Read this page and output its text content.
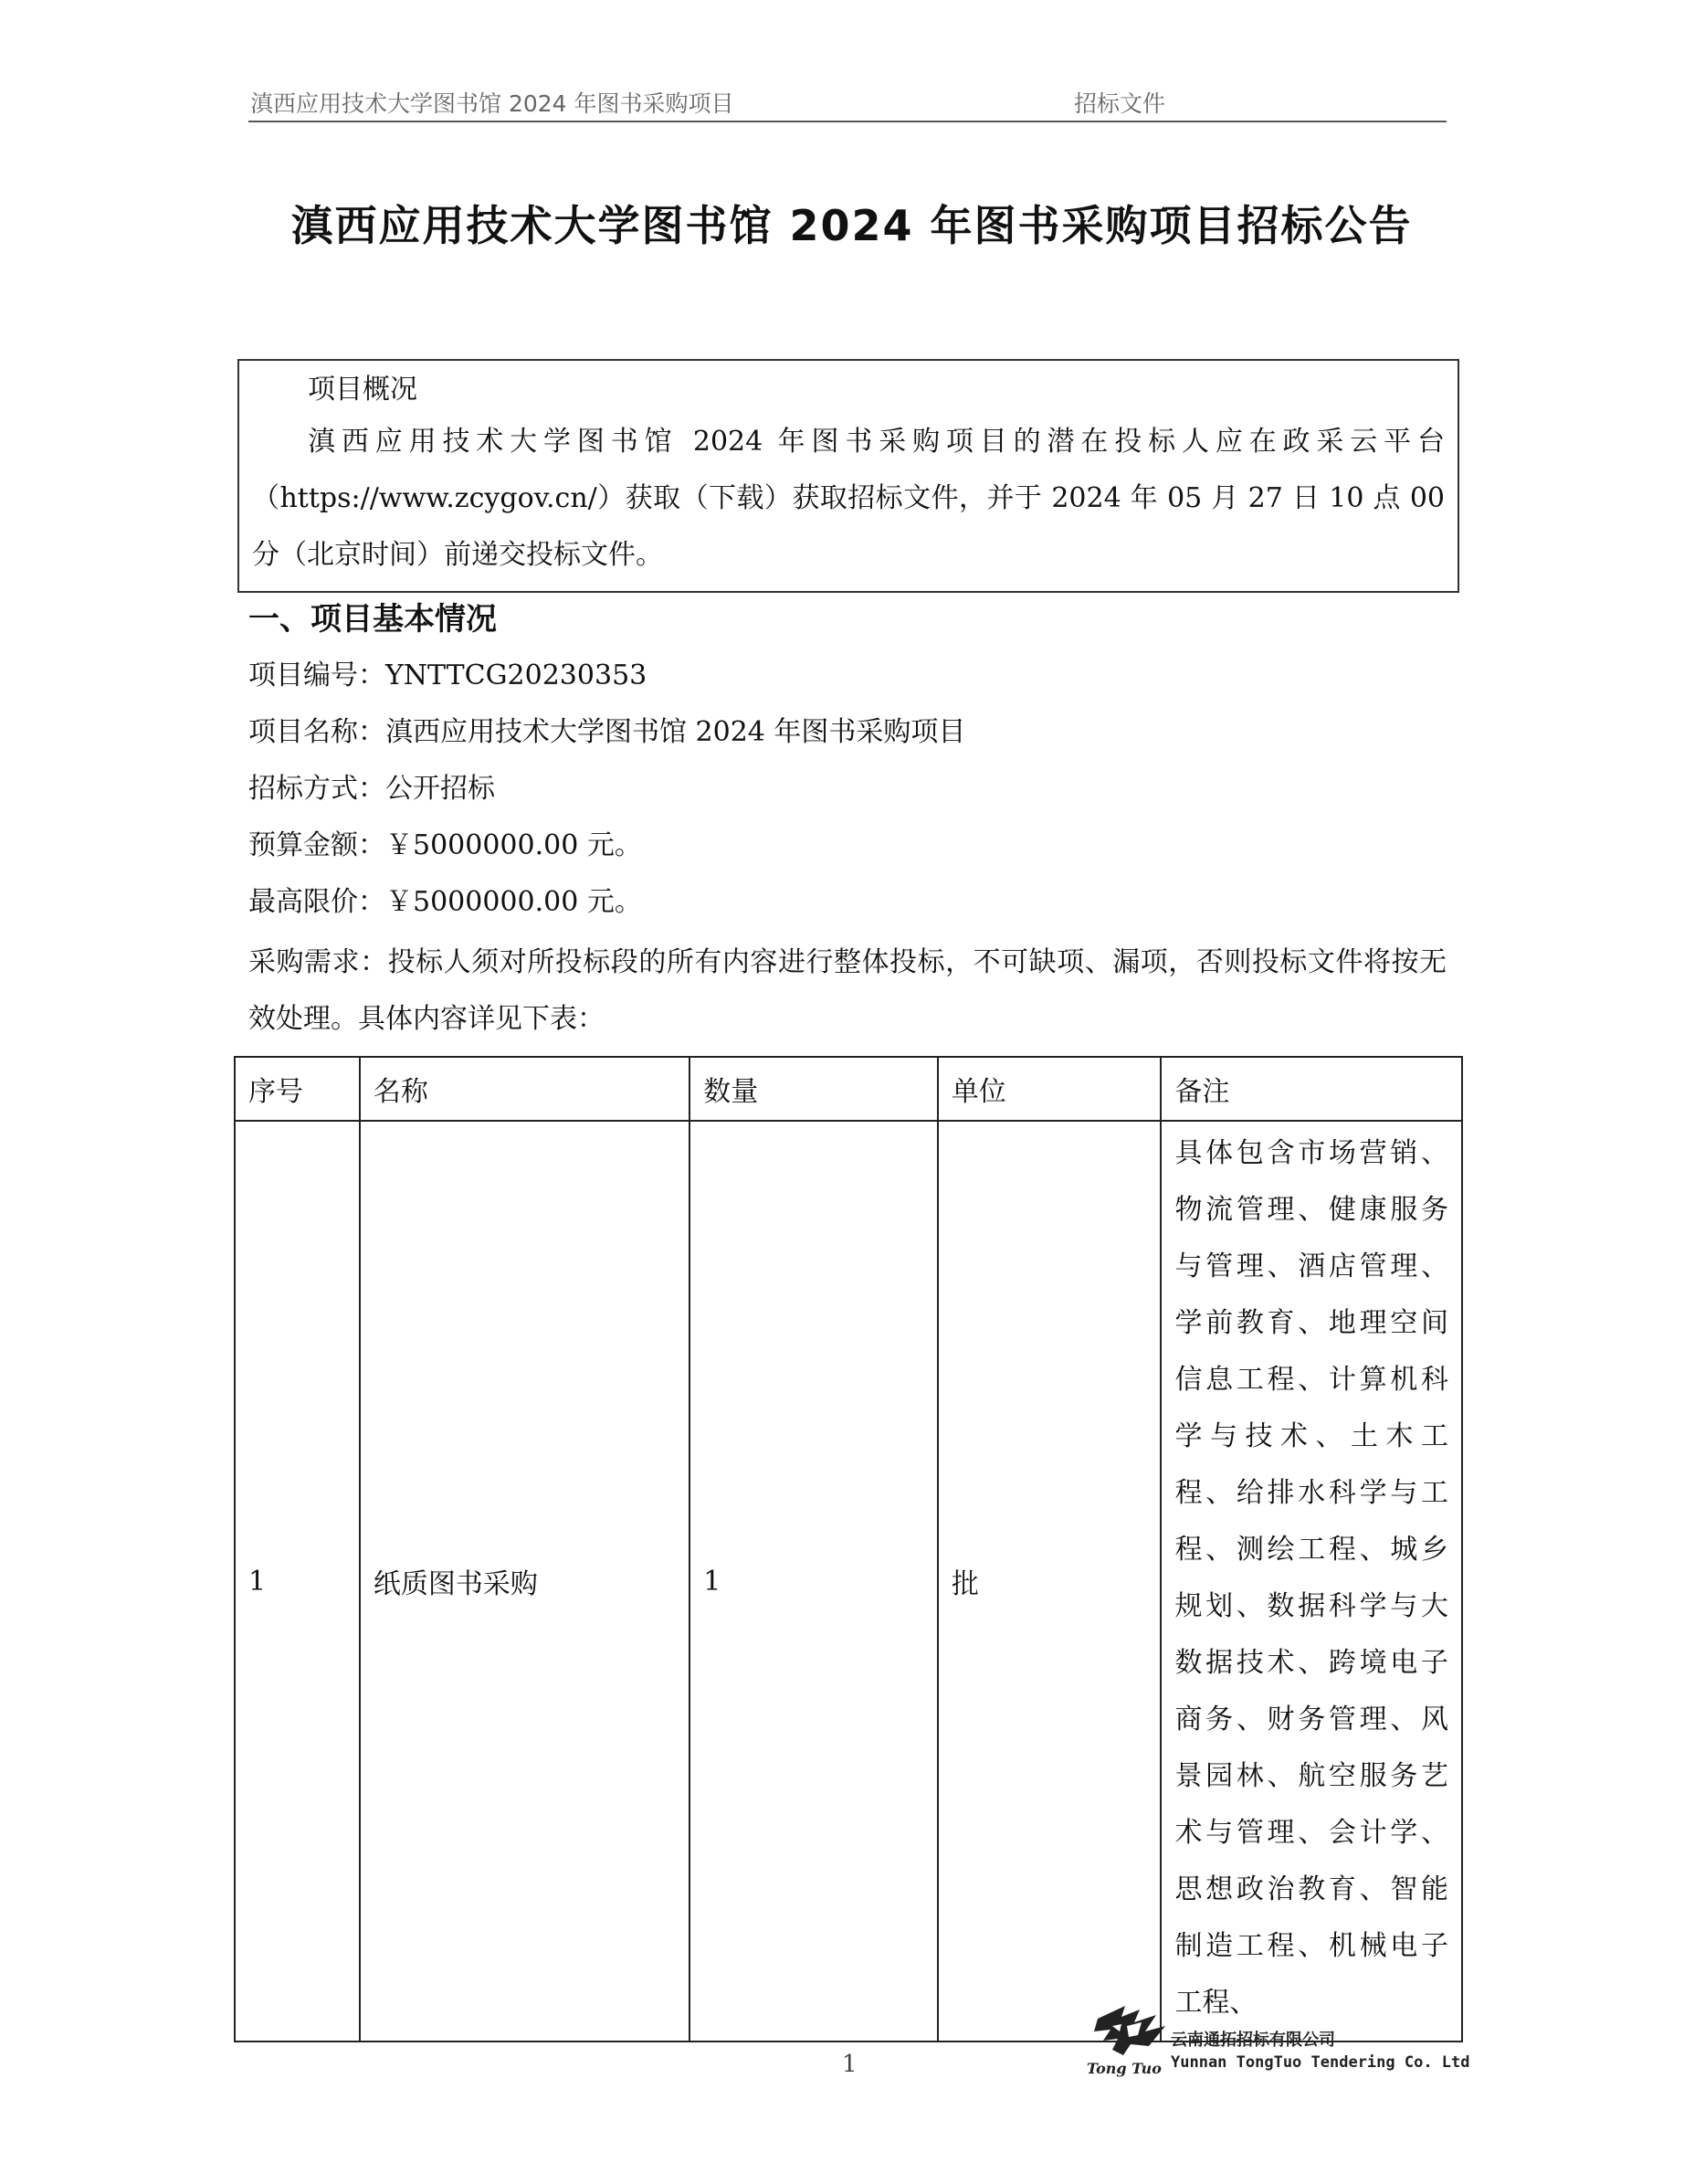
滇西应用技术大学图书馆 2024 年图书采购项目	招标文件
滇西应用技术大学图书馆 2024 年图书采购项目招标公告
项目概况
滇西应用技术大学图书馆 2024 年图书采购项目的潜在投标人应在政采云平台（https://www.zcygov.cn/）获取（下载）获取招标文件，并于 2024 年 05 月 27 日 10 点 00 分（北京时间）前递交投标文件。
一、项目基本情况
项目编号：YNTTCG20230353
项目名称：滇西应用技术大学图书馆 2024 年图书采购项目
招标方式：公开招标
预算金额：￥5000000.00 元。
最高限价：￥5000000.00 元。
采购需求：投标人须对所投标段的所有内容进行整体投标，不可缺项、漏项，否则投标文件将按无效处理。具体内容详见下表：
序号	名称	数量	单位	备注
1	纸质图书采购	1	批	具体包含市场营销、物流管理、健康服务与管理、酒店管理、学前教育、地理空间信息工程、计算机科学与技术、土木工程、给排水科学与工程、测绘工程、城乡规划、数据科学与大数据技术、跨境电子商务、财务管理、风景园林、航空服务艺术与管理、会计学、思想政治教育、智能制造工程、机械电子工程、
1	Tong Tuo
云南通拓招标有限公司
Yunnan TongTuo Tendering Co. Ltd
